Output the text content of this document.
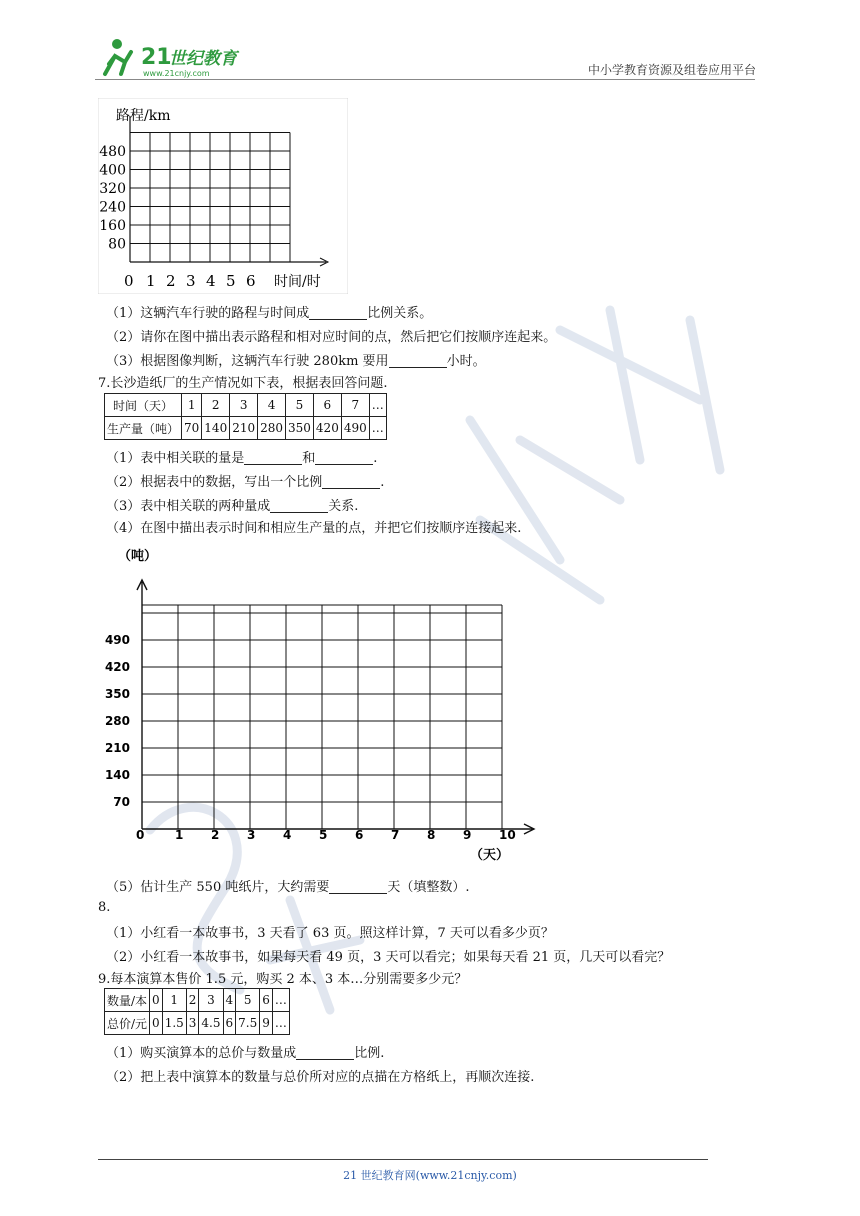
21
世纪教育
www.21cnjy.com	中小学教育资源及组卷应用平台
路程/km
时间/时
0 1 2 3 4 5 6
80
160
240
320
400
480
（1）这辆汽车行驶的路程与时间成	比例关系。
（2）请你在图中描出表示路程和相对应时间的点，然后把它们按顺序连起来。
（3）根据图像判断，这辆汽车行驶 280km 要用	小时。
7.长沙造纸厂的生产情况如下表，根据表回答问题.
时间（天）	1	2	3	4	5	6	7	…
生产量（吨）	70	140	210	280	350	420	490	…
（1）表中相关联的量是	和	.
（2）根据表中的数据，写出一个比例	.
（3）表中相关联的两种量成	关系.
（4）在图中描出表示时间和相应生产量的点，并把它们按顺序连接起来.
（吨）
（天）
0	1 2 3 4 5 6 7 8 9 10
70
140
210
280
350
420
490
（5）估计生产 550 吨纸片，大约需要	天（填整数）.
8.
（1）小红看一本故事书，3 天看了 63 页。照这样计算，7 天可以看多少页？
（2）小红看一本故事书，如果每天看 49 页，3 天可以看完；如果每天看 21 页，几天可以看完？
9.每本演算本售价 1.5 元，购买 2 本、3 本…分别需要多少元？
数量/本	0	1	2	3	4	5	6	…
总价/元	0	1.5	3	4.5	6	7.5	9	…
（1）购买演算本的总价与数量成	比例.
（2）把上表中演算本的数量与总价所对应的点描在方格纸上，再顺次连接.
21 世纪教育网(www.21cnjy.com)
